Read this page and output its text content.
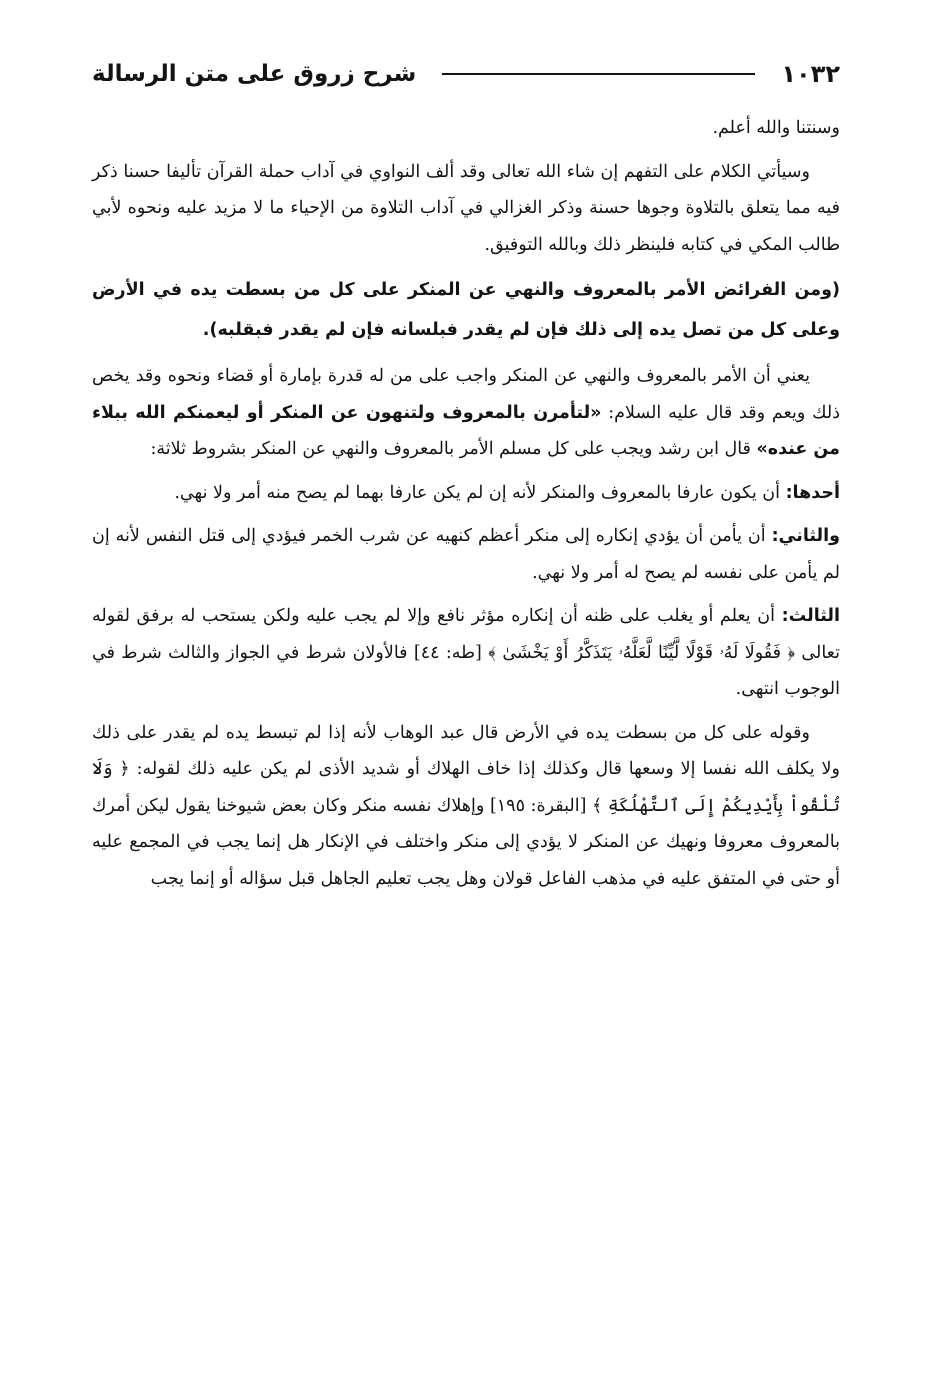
١٠٣٢
شرح زروق على متن الرسالة

وسنتنا والله أعلم.

وسيأتي الكلام على التفهم إن شاء الله تعالى وقد ألف النواوي في آداب حملة القرآن تأليفا حسنا ذكر فيه مما يتعلق بالتلاوة وجوها حسنة وذكر الغزالي في آداب التلاوة من الإحياء ما لا مزيد عليه ونحوه لأبي طالب المكي في كتابه فلينظر ذلك وبالله التوفيق.

(ومن الفرائض الأمر بالمعروف والنهي عن المنكر على كل من بسطت يده في الأرض وعلى كل من تصل يده إلى ذلك فإن لم يقدر فبلسانه فإن لم يقدر فبقلبه).

يعني أن الأمر بالمعروف والنهي عن المنكر واجب على من له قدرة بإمارة أو قضاء ونحوه وقد يخص ذلك ويعم وقد قال عليه السلام: «لتأمرن بالمعروف ولتنهون عن المنكر أو ليعمنكم الله ببلاء من عنده» قال ابن رشد ويجب على كل مسلم الأمر بالمعروف والنهي عن المنكر بشروط ثلاثة:

أحدها: أن يكون عارفا بالمعروف والمنكر لأنه إن لم يكن عارفا بهما لم يصح منه أمر ولا نهي.

والثاني: أن يأمن أن يؤدي إنكاره إلى منكر أعظم كنهيه عن شرب الخمر فيؤدي إلى قتل النفس لأنه إن لم يأمن على نفسه لم يصح له أمر ولا نهي.

الثالث: أن يعلم أو يغلب على ظنه أن إنكاره مؤثر نافع وإلا لم يجب عليه ولكن يستحب له برفق لقوله تعالى ﴿ فَقُولَا لَهُۥ قَوْلًا لَّيِّنًا لَّعَلَّهُۥ يَتَذَكَّرُ أَوْ يَخْشَىٰ ﴾ [طه: ٤٤] فالأولان شرط في الجواز والثالث شرط في الوجوب انتهى.

وقوله على كل من بسطت يده في الأرض قال عبد الوهاب لأنه إذا لم تبسط يده لم يقدر على ذلك ولا يكلف الله نفسا إلا وسعها قال وكذلك إذا خاف الهلاك أو شديد الأذى لم يكن عليه ذلك لقوله: ﴿ وَلَا تُلْقُواْ بِأَيْدِيكُمْ إِلَى ٱلتَّهْلُكَةِ ﴾ [البقرة: ١٩٥] وإهلاك نفسه منكر وكان بعض شيوخنا يقول ليكن أمرك بالمعروف معروفا ونهيك عن المنكر لا يؤدي إلى منكر واختلف في الإنكار هل إنما يجب في المجمع عليه أو حتى في المتفق عليه في مذهب الفاعل قولان وهل يجب تعليم الجاهل قبل سؤاله أو إنما يجب
